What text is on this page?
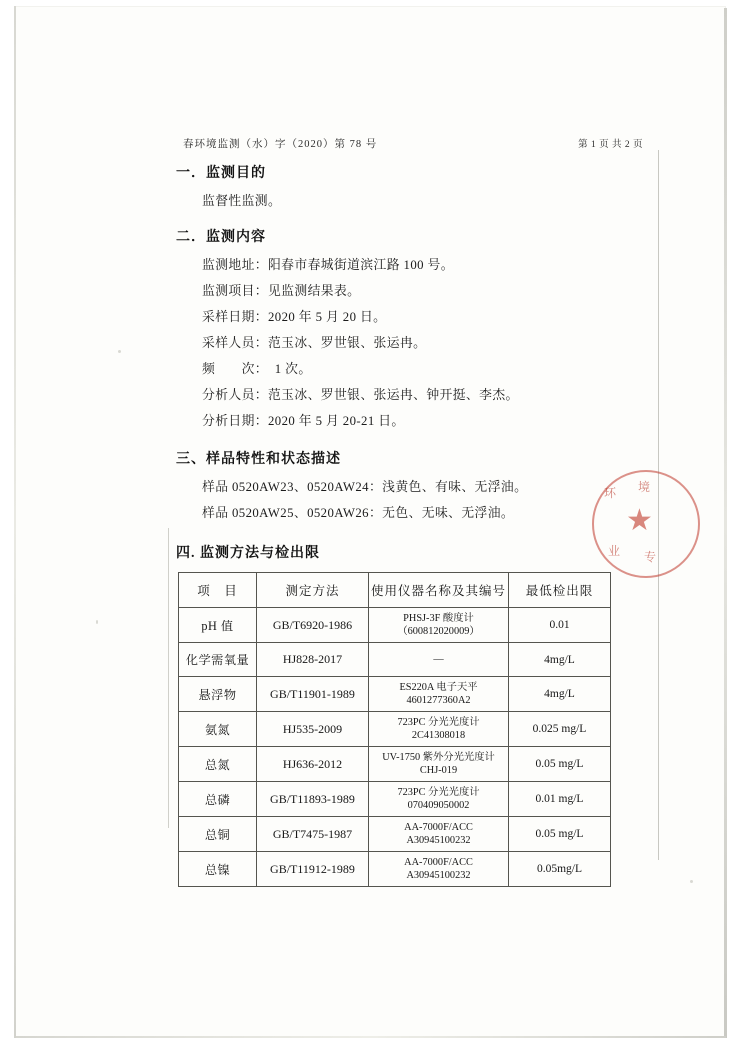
春环境监测（水）字（2020）第 78 号	第 1 页 共 2 页
一．监测目的
监督性监测。
二．监测内容
监测地址：阳春市春城街道滨江路 100 号。
监测项目：见监测结果表。
采样日期：2020 年 5 月 20 日。
采样人员：范玉冰、罗世银、张运冉。
频　　次：　1 次。
分析人员：范玉冰、罗世银、张运冉、钟开挺、李杰。
分析日期：2020 年 5 月 20-21 日。
三、样品特性和状态描述
样品 0520AW23、0520AW24：浅黄色、有味、无浮油。
样品 0520AW25、0520AW26：无色、无味、无浮油。
四. 监测方法与检出限
项　目	测定方法	使用仪器名称及其编号	最低检出限
pH 值	GB/T6920-1986	PHSJ-3F 酸度计
（600812020009）	0.01
化学需氧量	HJ828-2017	—	4mg/L
悬浮物	GB/T11901-1989	ES220A 电子天平
4601277360A2	4mg/L
氨氮	HJ535-2009	723PC 分光光度计
2C41308018	0.025 mg/L
总氮	HJ636-2012	UV-1750 紫外分光光度计
CHJ-019	0.05 mg/L
总磷	GB/T11893-1989	723PC 分光光度计
070409050002	0.01 mg/L
总铜	GB/T7475-1987	AA-7000F/ACC
A30945100232	0.05 mg/L
总镍	GB/T11912-1989	AA-7000F/ACC
A30945100232	0.05mg/L
★
环 境
业 专
